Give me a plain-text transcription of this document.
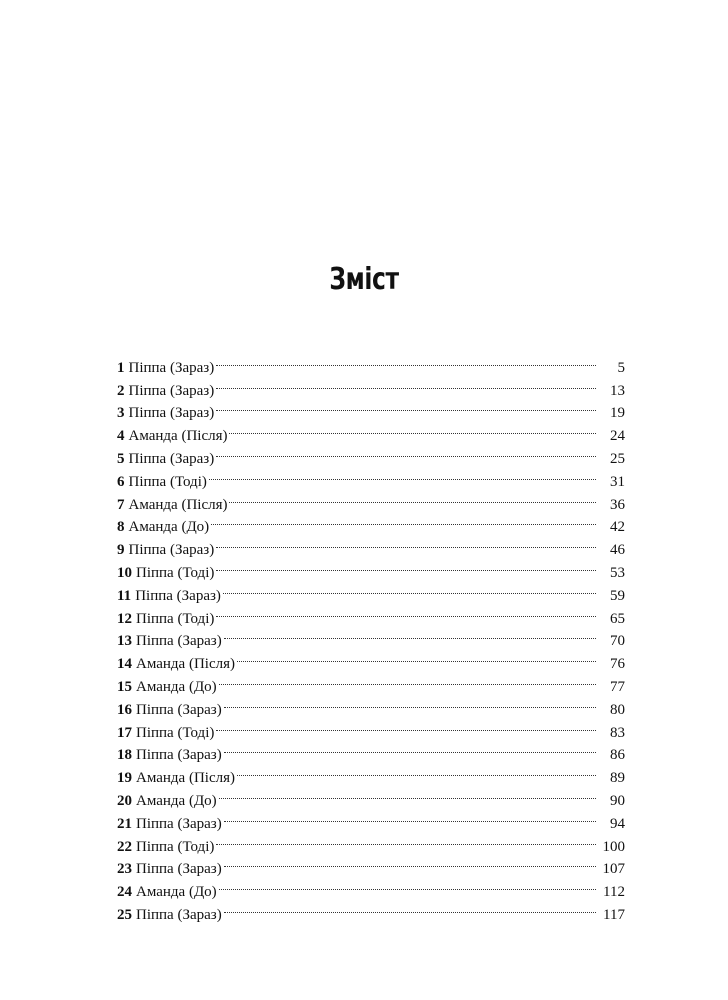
Зміст
1 Піппа (Зараз)	5
2 Піппа (Зараз)	13
3 Піппа (Зараз)	19
4 Аманда (Після)	24
5 Піппа (Зараз)	25
6 Піппа (Тоді)	31
7 Аманда (Після)	36
8 Аманда (До)	42
9 Піппа (Зараз)	46
10 Піппа (Тоді)	53
11 Піппа (Зараз)	59
12 Піппа (Тоді)	65
13 Піппа (Зараз)	70
14 Аманда (Після)	76
15 Аманда (До)	77
16 Піппа (Зараз)	80
17 Піппа (Тоді)	83
18 Піппа (Зараз)	86
19 Аманда (Після)	89
20 Аманда (До)	90
21 Піппа (Зараз)	94
22 Піппа (Тоді)	100
23 Піппа (Зараз)	107
24 Аманда (До)	112
25 Піппа (Зараз)	117
